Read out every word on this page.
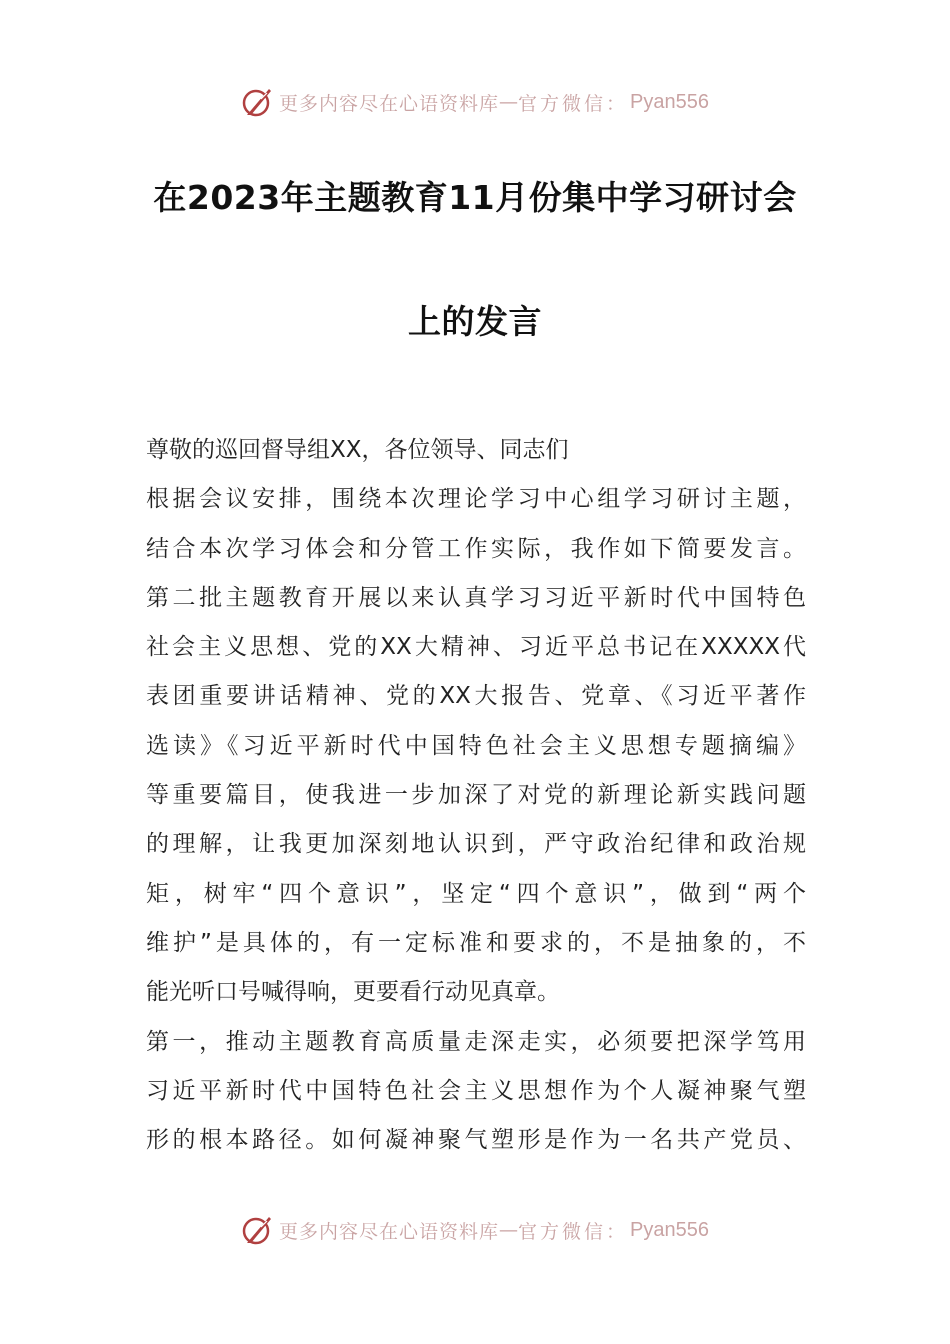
更多内容尽在心语资料库 — 官方微信： Pyan556
在2023年主题教育11月份集中学习研讨会
上的发言
尊敬的巡回督导组XX，各位领导、同志们
根据会议安排，围绕本次理论学习中心组学习研讨主题，
结合本次学习体会和分管工作实际，我作如下简要发言。
第二批主题教育开展以来认真学习习近平新时代中国特色
社会主义思想、党的XX大精神、习近平总书记在XXXXX代
表团重要讲话精神、党的XX大报告、党章、《习近平著作
选读》《习近平新时代中国特色社会主义思想专题摘编》
等重要篇目，使我进一步加深了对党的新理论新实践问题
的理解，让我更加深刻地认识到，严守政治纪律和政治规
矩，树牢“四个意识”，坚定“四个意识”，做到“两个
维护”是具体的，有一定标准和要求的，不是抽象的，不
能光听口号喊得响，更要看行动见真章。
第一，推动主题教育高质量走深走实，必须要把深学笃用
习近平新时代中国特色社会主义思想作为个人凝神聚气塑
形的根本路径。如何凝神聚气塑形是作为一名共产党员、
更多内容尽在心语资料库 — 官方微信： Pyan556
